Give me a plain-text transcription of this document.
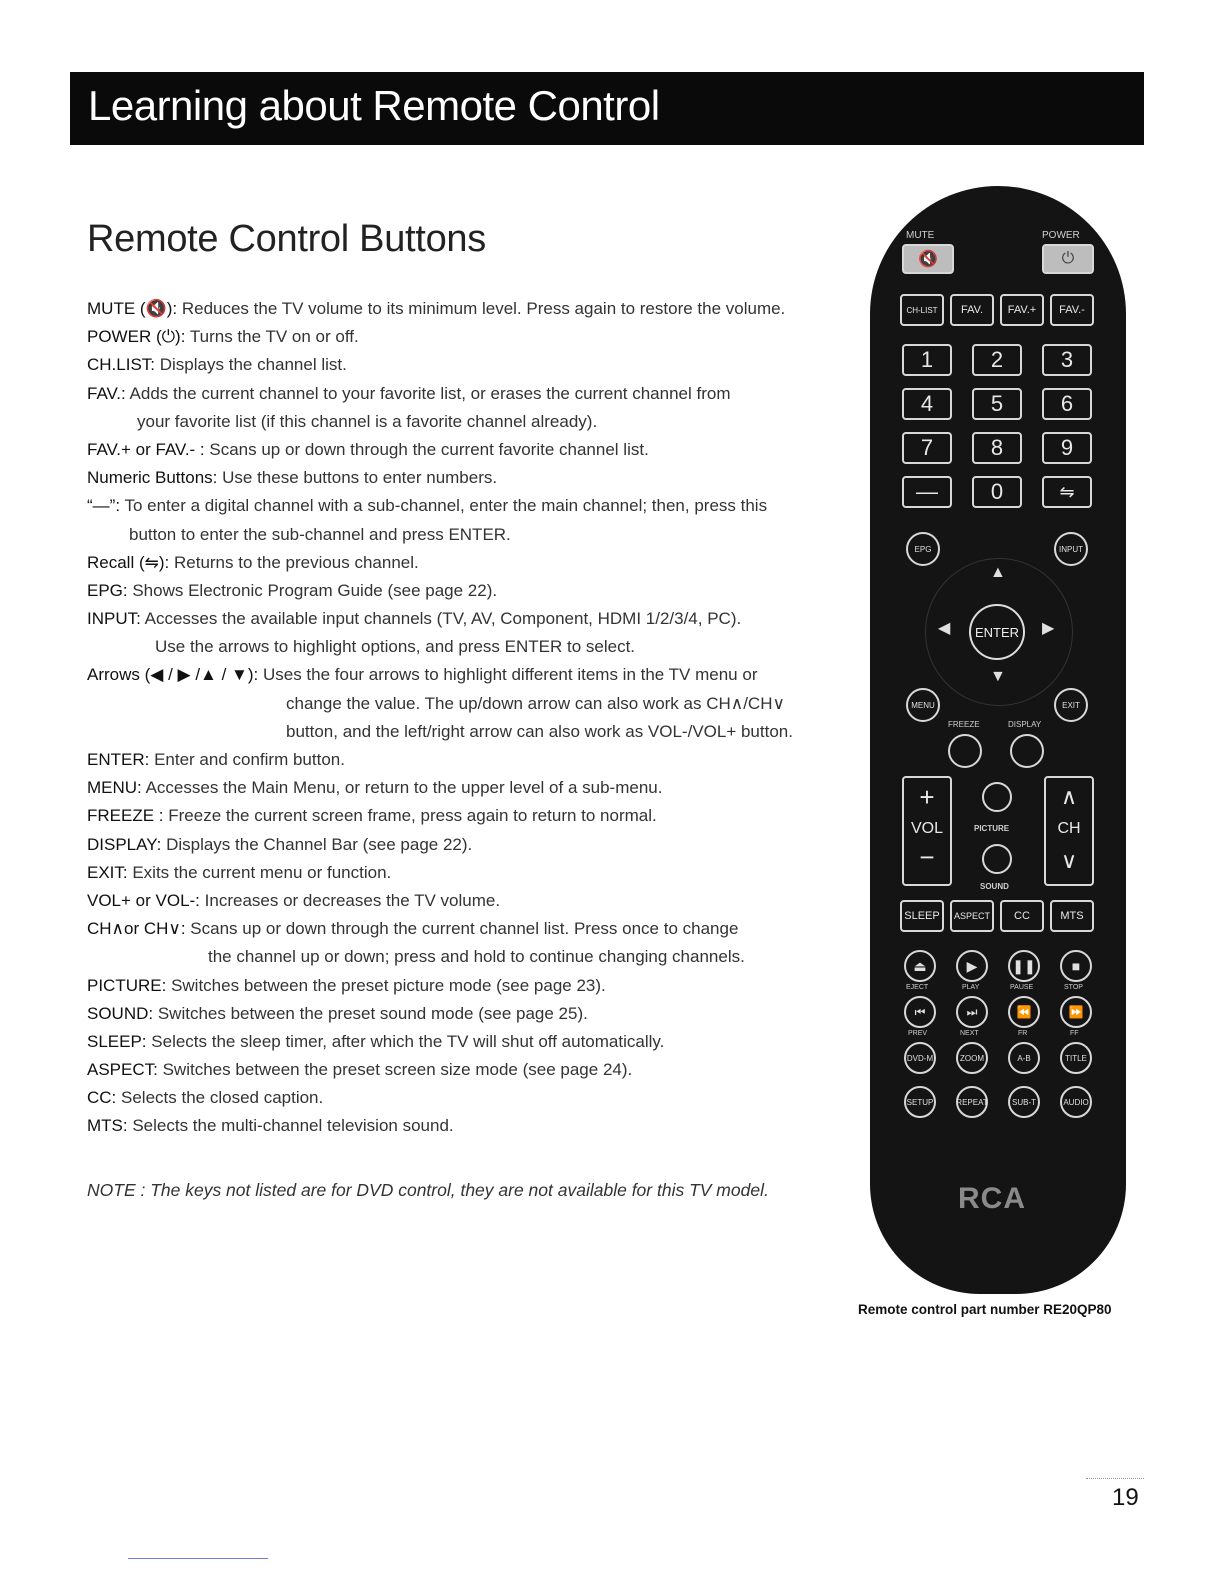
Learning about Remote Control
Remote Control Buttons
MUTE (🔇): Reduces the TV volume to its minimum level. Press again to restore the volume.
POWER (⏻): Turns the TV on or off.
CH.LIST: Displays the channel list.
FAV.: Adds the current channel to your favorite list, or erases the current channel from
your favorite list (if this channel is a favorite channel already).
FAV.+ or FAV.- : Scans up or down through the current favorite channel list.
Numeric Buttons: Use these buttons to enter numbers.
“—”: To enter a digital channel with a sub-channel, enter the main channel; then, press this
button to enter the sub-channel and press ENTER.
Recall (⇋): Returns to the previous channel.
EPG: Shows Electronic Program Guide (see page 22).
INPUT: Accesses the available input channels (TV, AV, Component, HDMI 1/2/3/4, PC).
Use the arrows to highlight options, and press ENTER to select.
Arrows (◀ / ▶ /▲ / ▼): Uses the four arrows to highlight different items in the TV menu or
change the value. The up/down arrow can also work as CH∧/CH∨
button, and the left/right arrow can also work as VOL-/VOL+ button.
ENTER: Enter and confirm button.
MENU: Accesses the Main Menu, or return to the upper level of a sub-menu.
FREEZE : Freeze the current screen frame, press again to return to normal.
DISPLAY: Displays the Channel Bar (see page 22).
EXIT: Exits the current menu or function.
VOL+ or VOL-: Increases or decreases the TV volume.
CH∧or CH∨: Scans up or down through the current channel list. Press once to change
the channel up or down; press and hold to continue changing channels.
PICTURE: Switches between the preset picture mode (see page 23).
SOUND: Switches between the preset sound mode (see page 25).
SLEEP: Selects the sleep timer, after which the TV will shut off automatically.
ASPECT: Switches between the preset screen size mode (see page 24).
CC: Selects the closed caption.
MTS: Selects the multi-channel television sound.
NOTE : The keys not listed are for DVD control, they are not available for this TV model.
MUTE	POWER
🔇	⏻
CH-LIST	FAV.	FAV.+	FAV.-
1	2	3
4	5	6
7	8	9
—	0	⇋
EPG	INPUT
▲
▼
◀	▶
ENTER
MENU	EXIT
FREEZE	DISPLAY
+
VOL
−
∧
CH
∨
PICTURE
SOUND
SLEEP	ASPECT	CC	MTS
⏏	▶	❚❚	■
EJECT	PLAY	PAUSE	STOP
⏮	⏭	⏪	⏩
PREV	NEXT	FR	FF
DVD-M	ZOOM	A-B	TITLE
SETUP	REPEAT	SUB-T	AUDIO
RCA
Remote control part number RE20QP80
19
